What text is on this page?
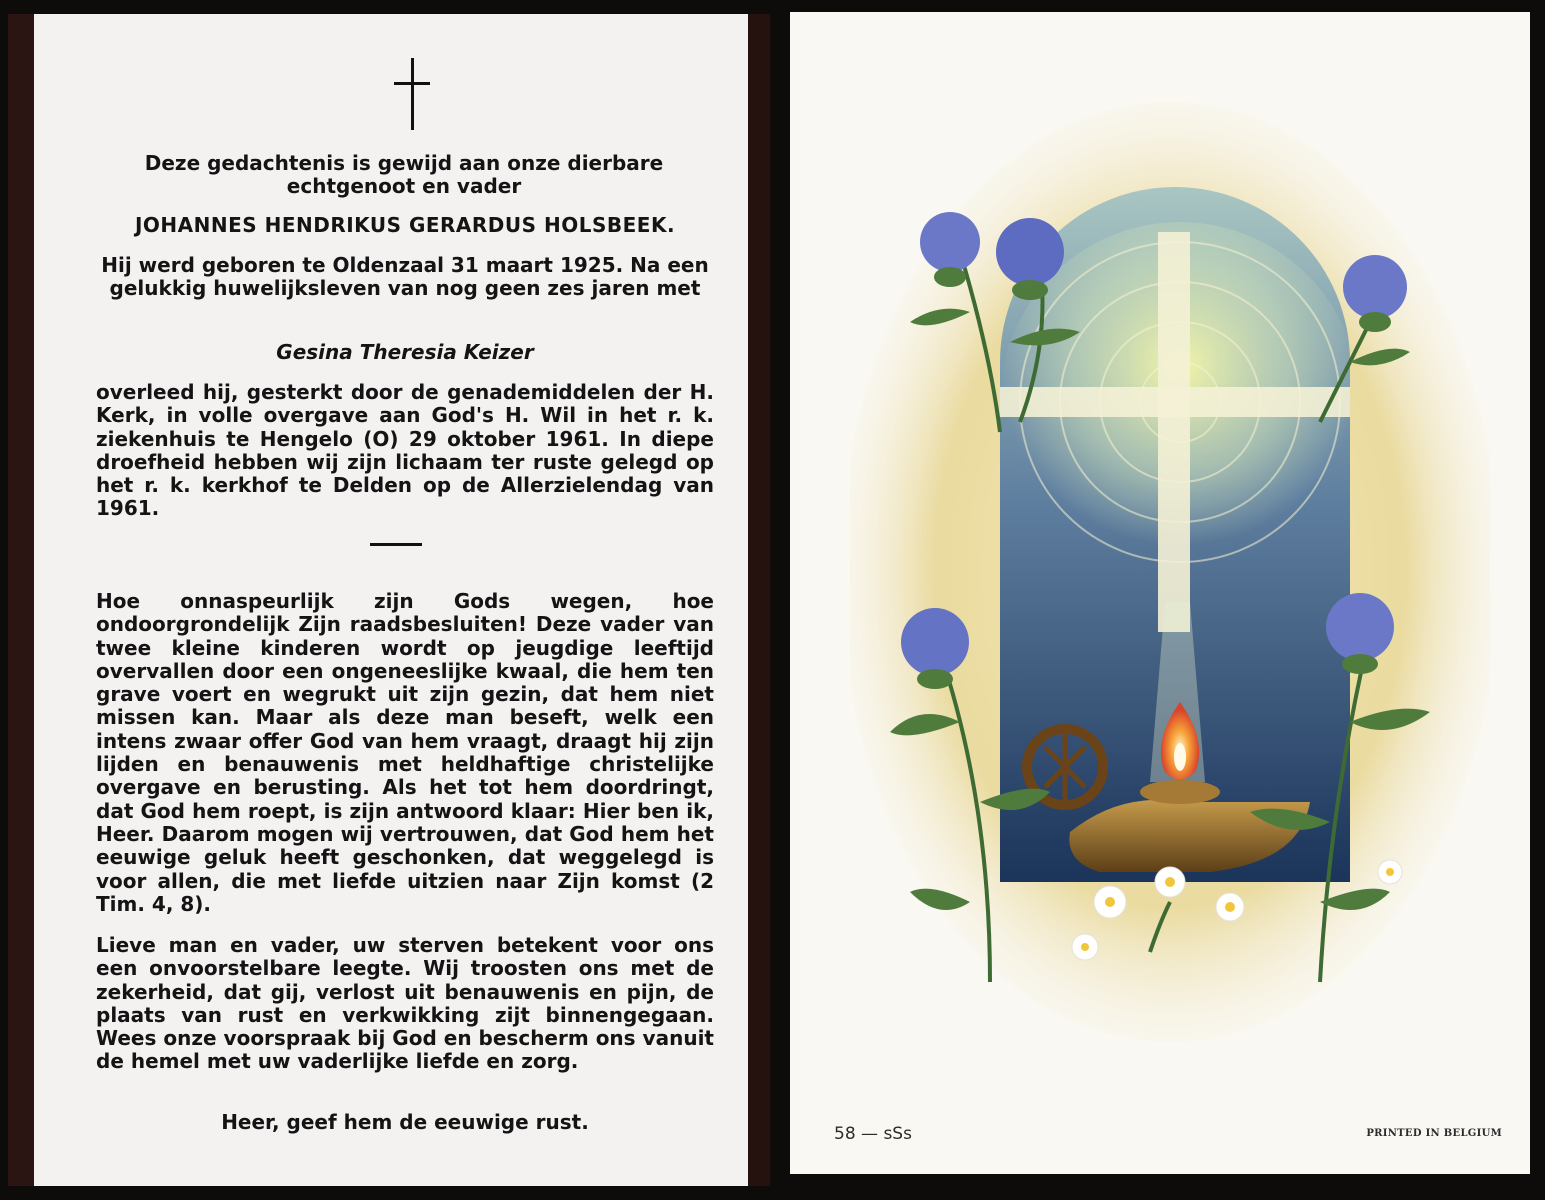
Deze gedachtenis is gewijd aan onze dierbare echtgenoot en vader

JOHANNES HENDRIKUS GERARDUS HOLSBEEK.

Hij werd geboren te Oldenzaal 31 maart 1925. Na een gelukkig huwelijksleven van nog geen zes jaren met

Gesina Theresia Keizer

overleed hij, gesterkt door de genademiddelen der H. Kerk, in volle overgave aan God's H. Wil in het r. k. ziekenhuis te Hengelo (O) 29 oktober 1961. In diepe droefheid hebben wij zijn lichaam ter ruste gelegd op het r. k. kerkhof te Delden op de Allerzielendag van 1961.

Hoe onnaspeurlijk zijn Gods wegen, hoe ondoorgrondelijk Zijn raadsbesluiten! Deze vader van twee kleine kinderen wordt op jeugdige leeftijd overvallen door een ongeneeslijke kwaal, die hem ten grave voert en wegrukt uit zijn gezin, dat hem niet missen kan. Maar als deze man beseft, welk een intens zwaar offer God van hem vraagt, draagt hij zijn lijden en benauwenis met heldhaftige christelijke overgave en berusting. Als het tot hem doordringt, dat God hem roept, is zijn antwoord klaar: Hier ben ik, Heer. Daarom mogen wij vertrouwen, dat God hem het eeuwige geluk heeft geschonken, dat weggelegd is voor allen, die met liefde uitzien naar Zijn komst (2 Tim. 4, 8).

Lieve man en vader, uw sterven betekent voor ons een onvoorstelbare leegte. Wij troosten ons met de zekerheid, dat gij, verlost uit benauwenis en pijn, de plaats van rust en verkwikking zijt binnengegaan. Wees onze voorspraak bij God en bescherm ons vanuit de hemel met uw vaderlijke liefde en zorg.

Heer, geef hem de eeuwige rust.	58 — sSs	PRINTED IN BELGIUM
